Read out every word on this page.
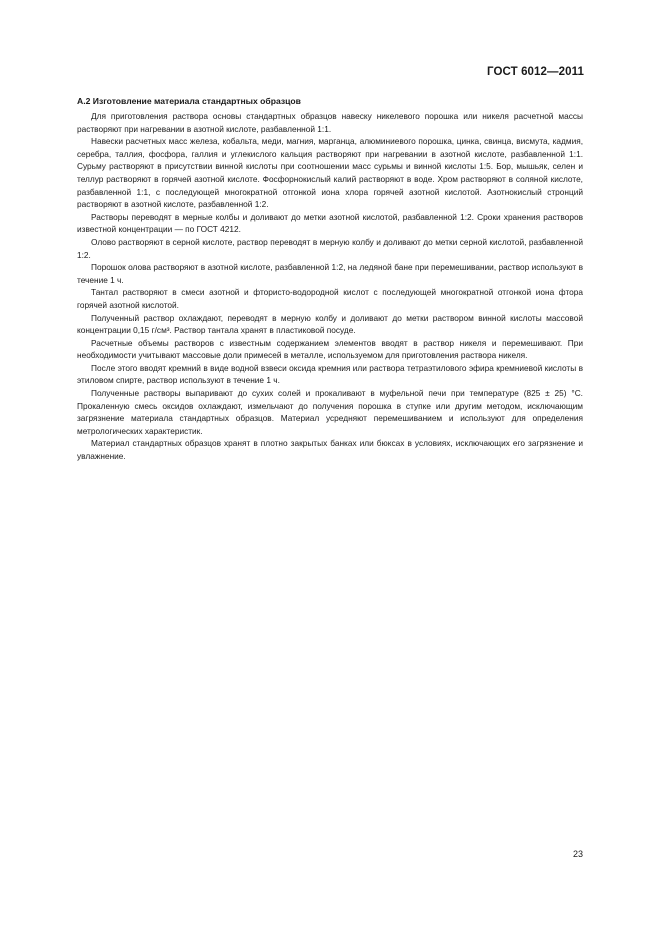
ГОСТ 6012—2011
А.2 Изготовление материала стандартных образцов

Для приготовления раствора основы стандартных образцов навеску никелевого порошка или никеля расчетной массы растворяют при нагревании в азотной кислоте, разбавленной 1:1.

Навески расчетных масс железа, кобальта, меди, магния, марганца, алюминиевого порошка, цинка, свинца, висмута, кадмия, серебра, таллия, фосфора, галлия и углекислого кальция растворяют при нагревании в азотной кислоте, разбавленной 1:1. Сурьму растворяют в присутствии винной кислоты при соотношении масс сурьмы и винной кислоты 1:5. Бор, мышьяк, селен и теллур растворяют в горячей азотной кислоте. Фосфорнокислый калий растворяют в воде. Хром растворяют в соляной кислоте, разбавленной 1:1, с последующей многократной отгонкой иона хлора горячей азотной кислотой. Азотнокислый стронций растворяют в азотной кислоте, разбавленной 1:2.

Растворы переводят в мерные колбы и доливают до метки азотной кислотой, разбавленной 1:2. Сроки хранения растворов известной концентрации — по ГОСТ 4212.

Олово растворяют в серной кислоте, раствор переводят в мерную колбу и доливают до метки серной кислотой, разбавленной 1:2.

Порошок олова растворяют в азотной кислоте, разбавленной 1:2, на ледяной бане при перемешивании, раствор используют в течение 1 ч.

Тантал растворяют в смеси азотной и фтористо-водородной кислот с последующей многократной отгонкой иона фтора горячей азотной кислотой.

Полученный раствор охлаждают, переводят в мерную колбу и доливают до метки раствором винной кислоты массовой концентрации 0,15 г/см³. Раствор тантала хранят в пластиковой посуде.

Расчетные объемы растворов с известным содержанием элементов вводят в раствор никеля и перемешивают. При необходимости учитывают массовые доли примесей в металле, используемом для приготовления раствора никеля.

После этого вводят кремний в виде водной взвеси оксида кремния или раствора тетраэтилового эфира кремниевой кислоты в этиловом спирте, раствор используют в течение 1 ч.

Полученные растворы выпаривают до сухих солей и прокаливают в муфельной печи при температуре (825 ± 25) °С. Прокаленную смесь оксидов охлаждают, измельчают до получения порошка в ступке или другим методом, исключающим загрязнение материала стандартных образцов. Материал усредняют перемешиванием и используют для определения метрологических характеристик.

Материал стандартных образцов хранят в плотно закрытых банках или бюксах в условиях, исключающих его загрязнение и увлажнение.

23
